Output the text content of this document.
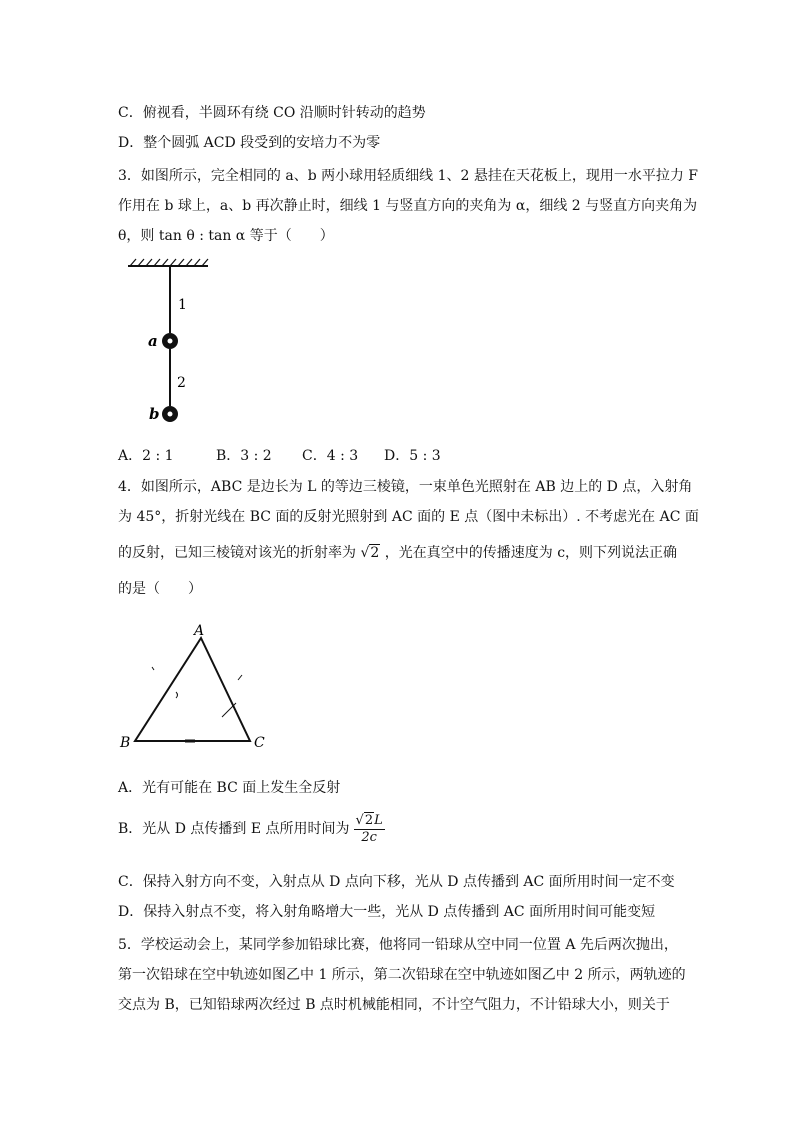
C．俯视看，半圆环有绕 CO 沿顺时针转动的趋势
D．整个圆弧 ACD 段受到的安培力不为零
3．如图所示，完全相同的 a、b 两小球用轻质细线 1、2 悬挂在天花板上，现用一水平拉力 F
作用在 b 球上，a、b 再次静止时，细线 1 与竖直方向的夹角为 α，细线 2 与竖直方向夹角为
θ，则 tan θ : tan α 等于（　　）
1
2
a
b
A．2 : 1	B．3 : 2 C．4 : 3 D．5 : 3
4．如图所示，ABC 是边长为 L 的等边三棱镜，一束单色光照射在 AB 边上的 D 点，入射角
为 45°，折射光线在 BC 面的反射光照射到 AC 面的 E 点（图中未标出）. 不考虑光在 AC 面
的反射，已知三棱镜对该光的折射率为 √2 ，光在真空中的传播速度为 c，则下列说法正确
的是（　　）
A
B	C
A．光有可能在 BC 面上发生全反射
B．光从 D 点传播到 E 点所用时间为 $\frac{√2L}{2c}$
C．保持入射方向不变，入射点从 D 点向下移，光从 D 点传播到 AC 面所用时间一定不变
D．保持入射点不变，将入射角略增大一些，光从 D 点传播到 AC 面所用时间可能变短
5．学校运动会上，某同学参加铅球比赛，他将同一铅球从空中同一位置 A 先后两次抛出，
第一次铅球在空中轨迹如图乙中 1 所示，第二次铅球在空中轨迹如图乙中 2 所示，两轨迹的
交点为 B，已知铅球两次经过 B 点时机械能相同，不计空气阻力，不计铅球大小，则关于
